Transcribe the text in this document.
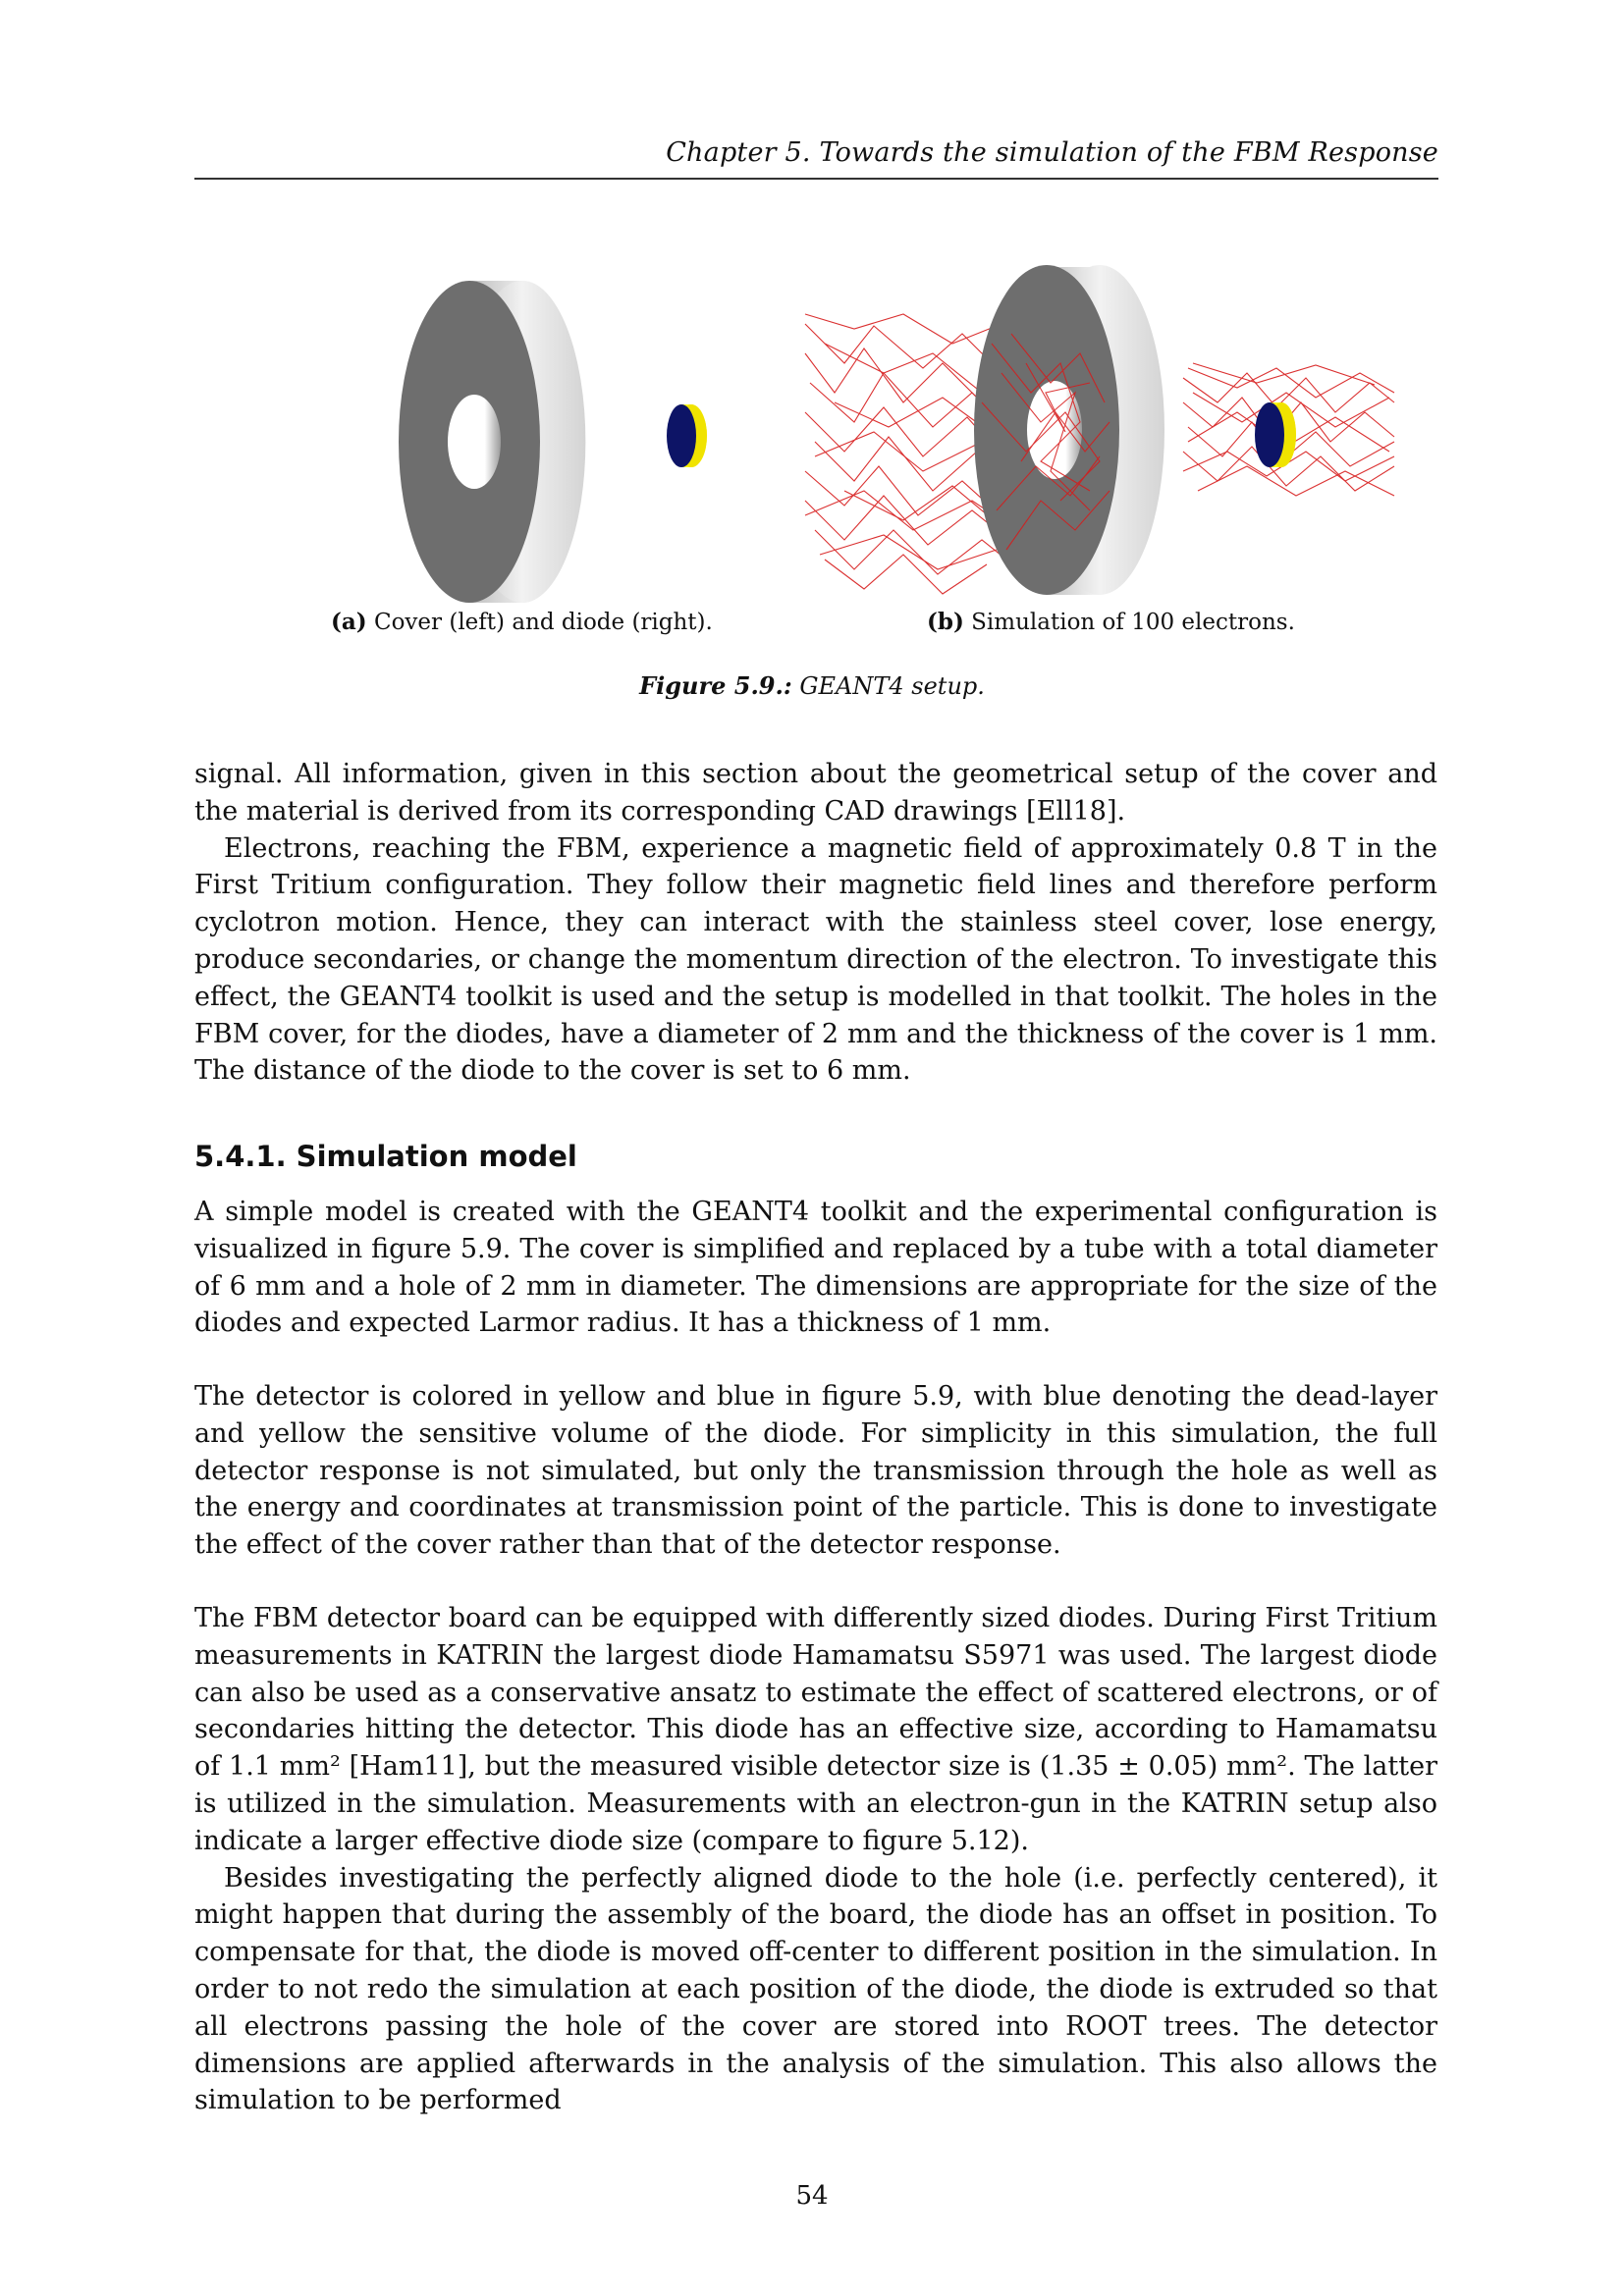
Chapter 5. Towards the simulation of the FBM Response
(a) Cover (left) and diode (right).	(b) Simulation of 100 electrons.
Figure 5.9.: GEANT4 setup.

signal. All information, given in this section about the geometrical setup of the cover and the material is derived from its corresponding CAD drawings [Ell18].

Electrons, reaching the FBM, experience a magnetic field of approximately 0.8 T in the First Tritium configuration. They follow their magnetic field lines and therefore perform cyclotron motion. Hence, they can interact with the stainless steel cover, lose energy, produce secondaries, or change the momentum direction of the electron. To investigate this effect, the GEANT4 toolkit is used and the setup is modelled in that toolkit. The holes in the FBM cover, for the diodes, have a diameter of 2 mm and the thickness of the cover is 1 mm. The distance of the diode to the cover is set to 6 mm.

5.4.1. Simulation model

A simple model is created with the GEANT4 toolkit and the experimental configuration is visualized in figure 5.9. The cover is simplified and replaced by a tube with a total diameter of 6 mm and a hole of 2 mm in diameter. The dimensions are appropriate for the size of the diodes and expected Larmor radius. It has a thickness of 1 mm.

The detector is colored in yellow and blue in figure 5.9, with blue denoting the dead-layer and yellow the sensitive volume of the diode. For simplicity in this simulation, the full detector response is not simulated, but only the transmission through the hole as well as the energy and coordinates at transmission point of the particle. This is done to investigate the effect of the cover rather than that of the detector response.

The FBM detector board can be equipped with differently sized diodes. During First Tritium measurements in KATRIN the largest diode Hamamatsu S5971 was used. The largest diode can also be used as a conservative ansatz to estimate the effect of scattered electrons, or of secondaries hitting the detector. This diode has an effective size, according to Hamamatsu of 1.1 mm² [Ham11], but the measured visible detector size is (1.35 ± 0.05) mm². The latter is utilized in the simulation. Measurements with an electron-gun in the KATRIN setup also indicate a larger effective diode size (compare to figure 5.12).

Besides investigating the perfectly aligned diode to the hole (i.e. perfectly centered), it might happen that during the assembly of the board, the diode has an offset in position. To compensate for that, the diode is moved off-center to different position in the simulation. In order to not redo the simulation at each position of the diode, the diode is extruded so that all electrons passing the hole of the cover are stored into ROOT trees. The detector dimensions are applied afterwards in the analysis of the simulation. This also allows the simulation to be performed

54
